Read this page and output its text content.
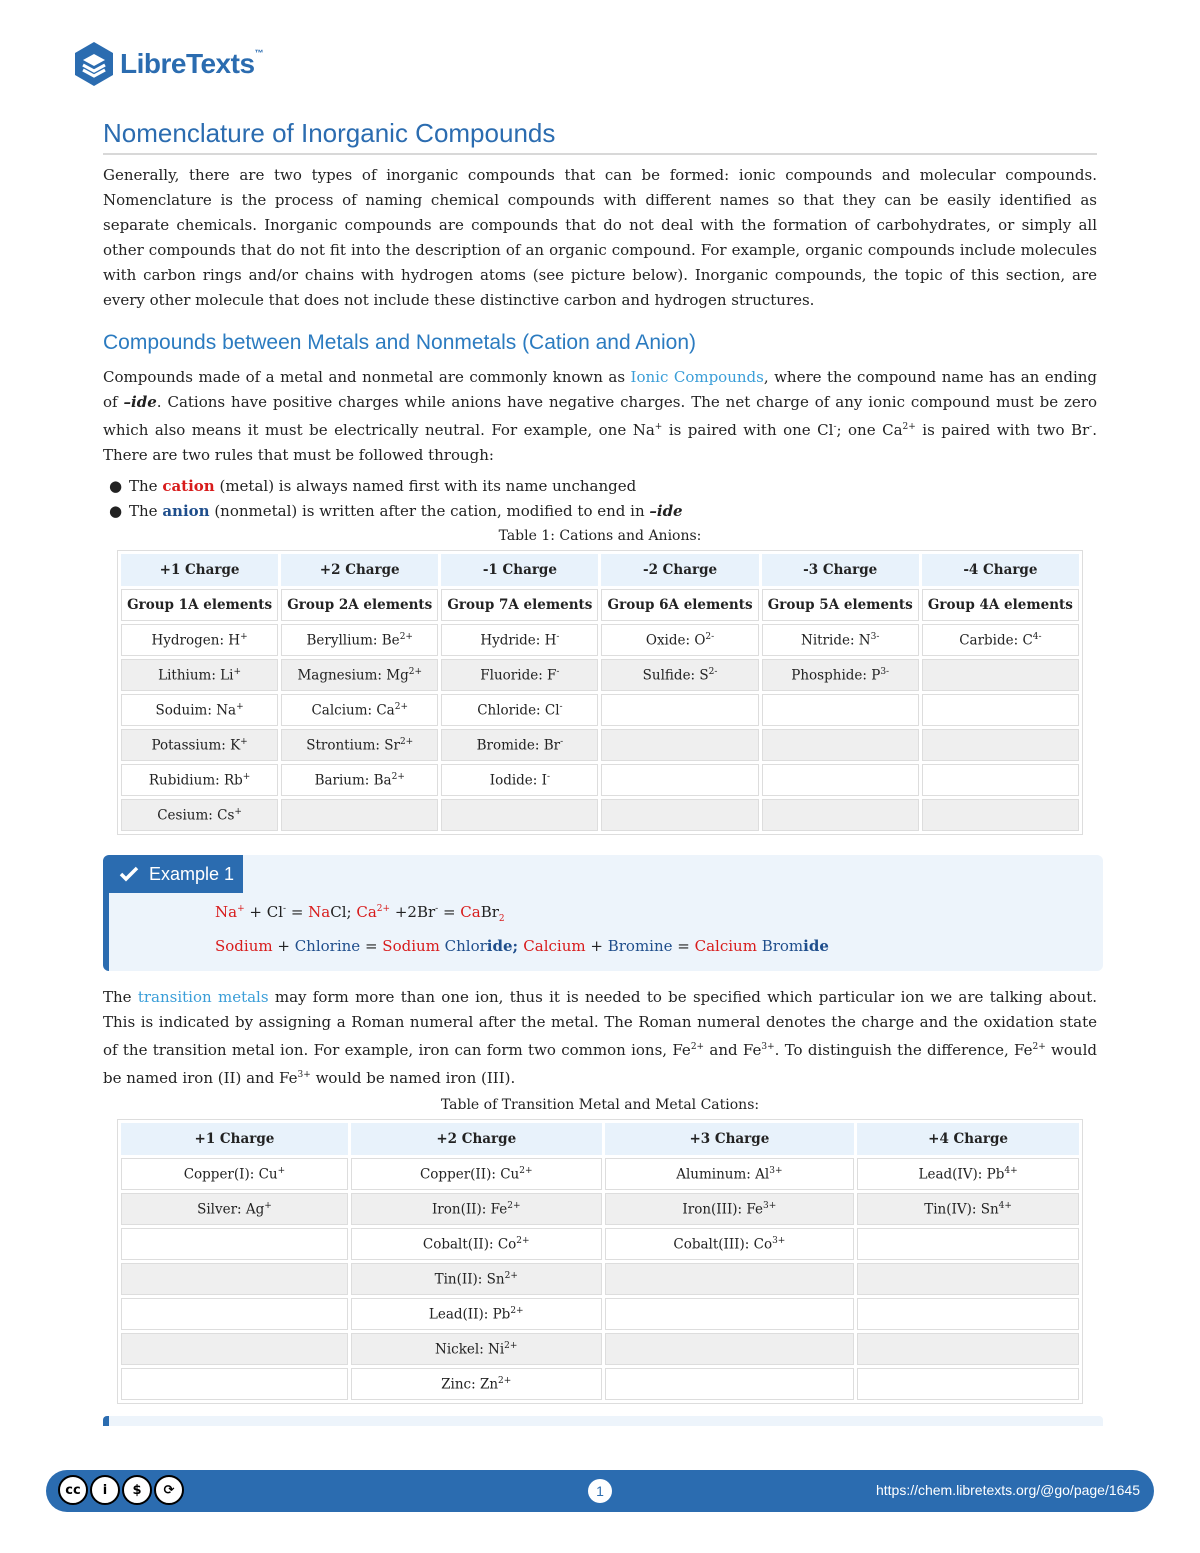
LibreTexts™
Nomenclature of Inorganic Compounds

Generally, there are two types of inorganic compounds that can be formed: ionic compounds and molecular compounds. Nomenclature is the process of naming chemical compounds with different names so that they can be easily identified as separate chemicals. Inorganic compounds are compounds that do not deal with the formation of carbohydrates, or simply all other compounds that do not fit into the description of an organic compound. For example, organic compounds include molecules with carbon rings and/or chains with hydrogen atoms (see picture below). Inorganic compounds, the topic of this section, are every other molecule that does not include these distinctive carbon and hydrogen structures.

Compounds between Metals and Nonmetals (Cation and Anion)

Compounds made of a metal and nonmetal are commonly known as Ionic Compounds, where the compound name has an ending of –ide. Cations have positive charges while anions have negative charges. The net charge of any ionic compound must be zero which also means it must be electrically neutral. For example, one Na+ is paired with one Cl-; one $Ca^{2+}$ is paired with two Br-. There are two rules that must be followed through:

● The cation (metal) is always named first with its name unchanged
● The anion (nonmetal) is written after the cation, modified to end in –ide
Table 1: Cations and Anions:
+1 Charge	+2 Charge	-1 Charge	-2 Charge	-3 Charge	-4 Charge
Group 1A elements	Group 2A elements	Group 7A elements	Group 6A elements	Group 5A elements	Group 4A elements
Hydrogen: H+	Beryllium: $Be^{2+}$	Hydride: H-	Oxide: $O^{2-}$	Nitride: $N^{3-}$	Carbide: $C^{4-}$
Lithium: Li+	Magnesium: $Mg^{2+}$	Fluoride: F-	Sulfide: $S^{2-}$	Phosphide: $P^{3-}$	
Soduim: Na+	Calcium: $Ca^{2+}$	Chloride: Cl-			
Potassium: K+	Strontium: $Sr^{2+}$	Bromide: Br-			
Rubidium: Rb+	Barium: $Ba^{2+}$	Iodide: I-			
Cesium: Cs+					
Example 1
Na+ + Cl- = NaCl; $Ca^{2+} +2Br^-$ = CaBr$_2$
Sodium + Chlorine = Sodium Chloride; Calcium + Bromine = Calcium Bromide

The transition metals may form more than one ion, thus it is needed to be specified which particular ion we are talking about. This is indicated by assigning a Roman numeral after the metal. The Roman numeral denotes the charge and the oxidation state of the transition metal ion. For example, iron can form two common ions, $Fe^{2+}$ and $Fe^{3+}$. To distinguish the difference, $Fe^{2+}$ would be named iron (II) and $Fe^{3+}$ would be named iron (III).

Table of Transition Metal and Metal Cations:
+1 Charge	+2 Charge	+3 Charge	+4 Charge
Copper(I): Cu+	Copper(II): $Cu^{2+}$	Aluminum: $Al^{3+}$	Lead(IV): $Pb^{4+}$
Silver: Ag+	Iron(II): $Fe^{2+}$	Iron(III): $Fe^{3+}$	Tin(IV): $Sn^{4+}$
	Cobalt(II): $Co^{2+}$	Cobalt(III): $Co^{3+}$	
	Tin(II): $Sn^{2+}$		
	Lead(II): $Pb^{2+}$		
	Nickel: $Ni^{2+}$		
	Zinc: $Zn^{2+}$		
cc	i	$	⟳	1	https://chem.libretexts.org/@go/page/1645
